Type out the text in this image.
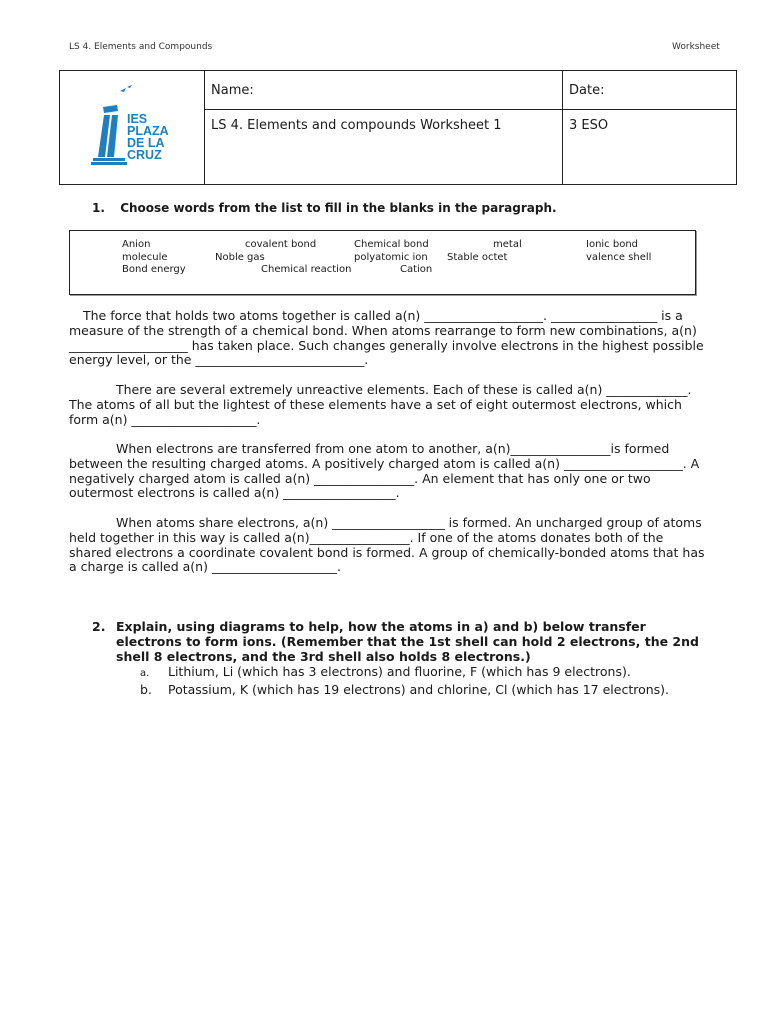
LS 4. Elements and Compounds	Worksheet
IES
PLAZA
DE LA
CRUZ	Name:	Date:
	LS 4. Elements and compounds Worksheet 1	3 ESO
1. Choose words from the list to fill in the blanks in the paragraph.
Anion	covalent bond	Chemical bond	metal	Ionic bond
molecule	Noble gas	polyatomic ion Stable octet	valence shell
Bond energy	Chemical reaction	Cation

The force that holds two atoms together is called a(n) ___________________. _________________ is a measure of the strength of a chemical bond. When atoms rearrange to form new combinations, a(n) ___________________ has taken place. Such changes generally involve electrons in the highest possible energy level, or the ___________________________.

There are several extremely unreactive elements. Each of these is called a(n) _____________. The atoms of all but the lightest of these elements have a set of eight outermost electrons, which form a(n) ____________________.

When electrons are transferred from one atom to another, a(n)________________is formed between the resulting charged atoms. A positively charged atom is called a(n) ___________________. A negatively charged atom is called a(n) ________________. An element that has only one or two outermost electrons is called a(n) __________________.

When atoms share electrons, a(n) __________________ is formed. An uncharged group of atoms held together in this way is called a(n)________________. If one of the atoms donates both of the shared electrons a coordinate covalent bond is formed. A group of chemically-bonded atoms that has a charge is called a(n) ____________________.

2. Explain, using diagrams to help, how the atoms in a) and b) below transfer electrons to form ions. (Remember that the 1st shell can hold 2 electrons, the 2nd shell 8 electrons, and the 3rd shell also holds 8 electrons.)
a. Lithium, Li (which has 3 electrons) and fluorine, F (which has 9 electrons).
b. Potassium, K (which has 19 electrons) and chlorine, Cl (which has 17 electrons).
